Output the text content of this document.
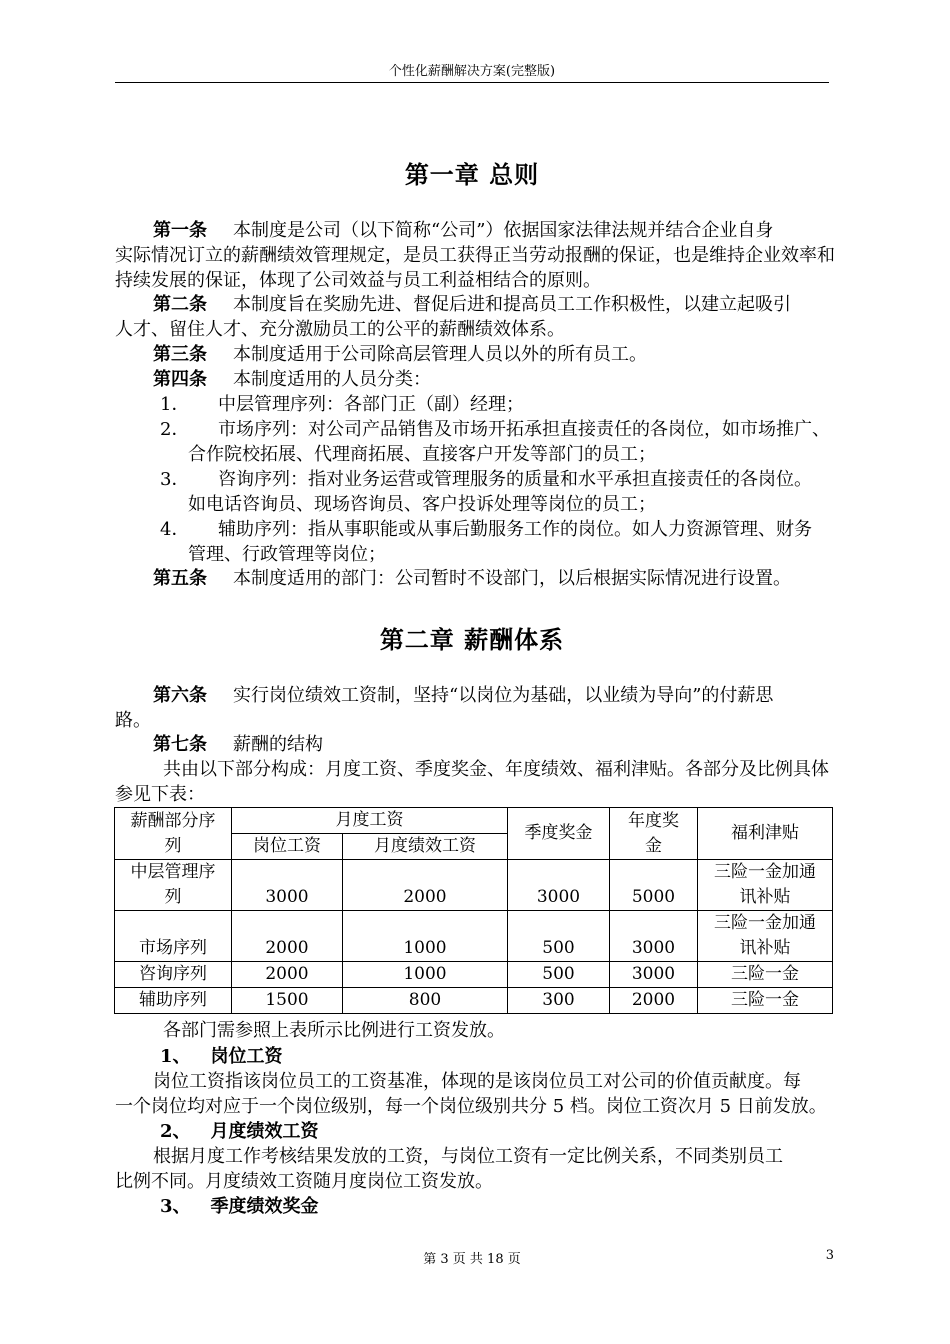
个性化薪酬解决方案(完整版)
第一章 总则
第一条 本制度是公司（以下简称“公司”）依据国家法律法规并结合企业自身
实际情况订立的薪酬绩效管理规定，是员工获得正当劳动报酬的保证，也是维持企业效率和持续发展的保证，体现了公司效益与员工利益相结合的原则。
第二条 本制度旨在奖励先进、督促后进和提高员工工作积极性，以建立起吸引
人才、留住人才、充分激励员工的公平的薪酬绩效体系。
第三条 本制度适用于公司除高层管理人员以外的所有员工。
第四条 本制度适用的人员分类：
1． 中层管理序列：各部门正（副）经理；
2． 市场序列：对公司产品销售及市场开拓承担直接责任的各岗位，如市场推广、
合作院校拓展、代理商拓展、直接客户开发等部门的员工；
3． 咨询序列：指对业务运营或管理服务的质量和水平承担直接责任的各岗位。
如电话咨询员、现场咨询员、客户投诉处理等岗位的员工；
4． 辅助序列：指从事职能或从事后勤服务工作的岗位。如人力资源管理、财务
管理、行政管理等岗位；
第五条 本制度适用的部门：公司暂时不设部门，以后根据实际情况进行设置。
第二章 薪酬体系
第六条 实行岗位绩效工资制，坚持“以岗位为基础，以业绩为导向”的付薪思
路。
第七条 薪酬的结构
共由以下部分构成：月度工资、季度奖金、年度绩效、福利津贴。各部分及比例具体
参见下表：
薪酬部分序列	月度工资		季度奖金	年度奖金	福利津贴
	岗位工资	月度绩效工资			
中层管理序列	3000	2000	3000	5000	三险一金加通讯补贴
市场序列	2000	1000	500	3000	三险一金加通讯补贴
咨询序列	2000	1000	500	3000	三险一金
辅助序列	1500	800	300	2000	三险一金
各部门需参照上表所示比例进行工资发放。
1、 岗位工资
岗位工资指该岗位员工的工资基准，体现的是该岗位员工对公司的价值贡献度。每
一个岗位均对应于一个岗位级别，每一个岗位级别共分 5 档。岗位工资次月 5 日前发放。
2、 月度绩效工资
根据月度工作考核结果发放的工资，与岗位工资有一定比例关系，不同类别员工
比例不同。月度绩效工资随月度岗位工资发放。
3、 季度绩效奖金
第 3 页 共 18 页	3
